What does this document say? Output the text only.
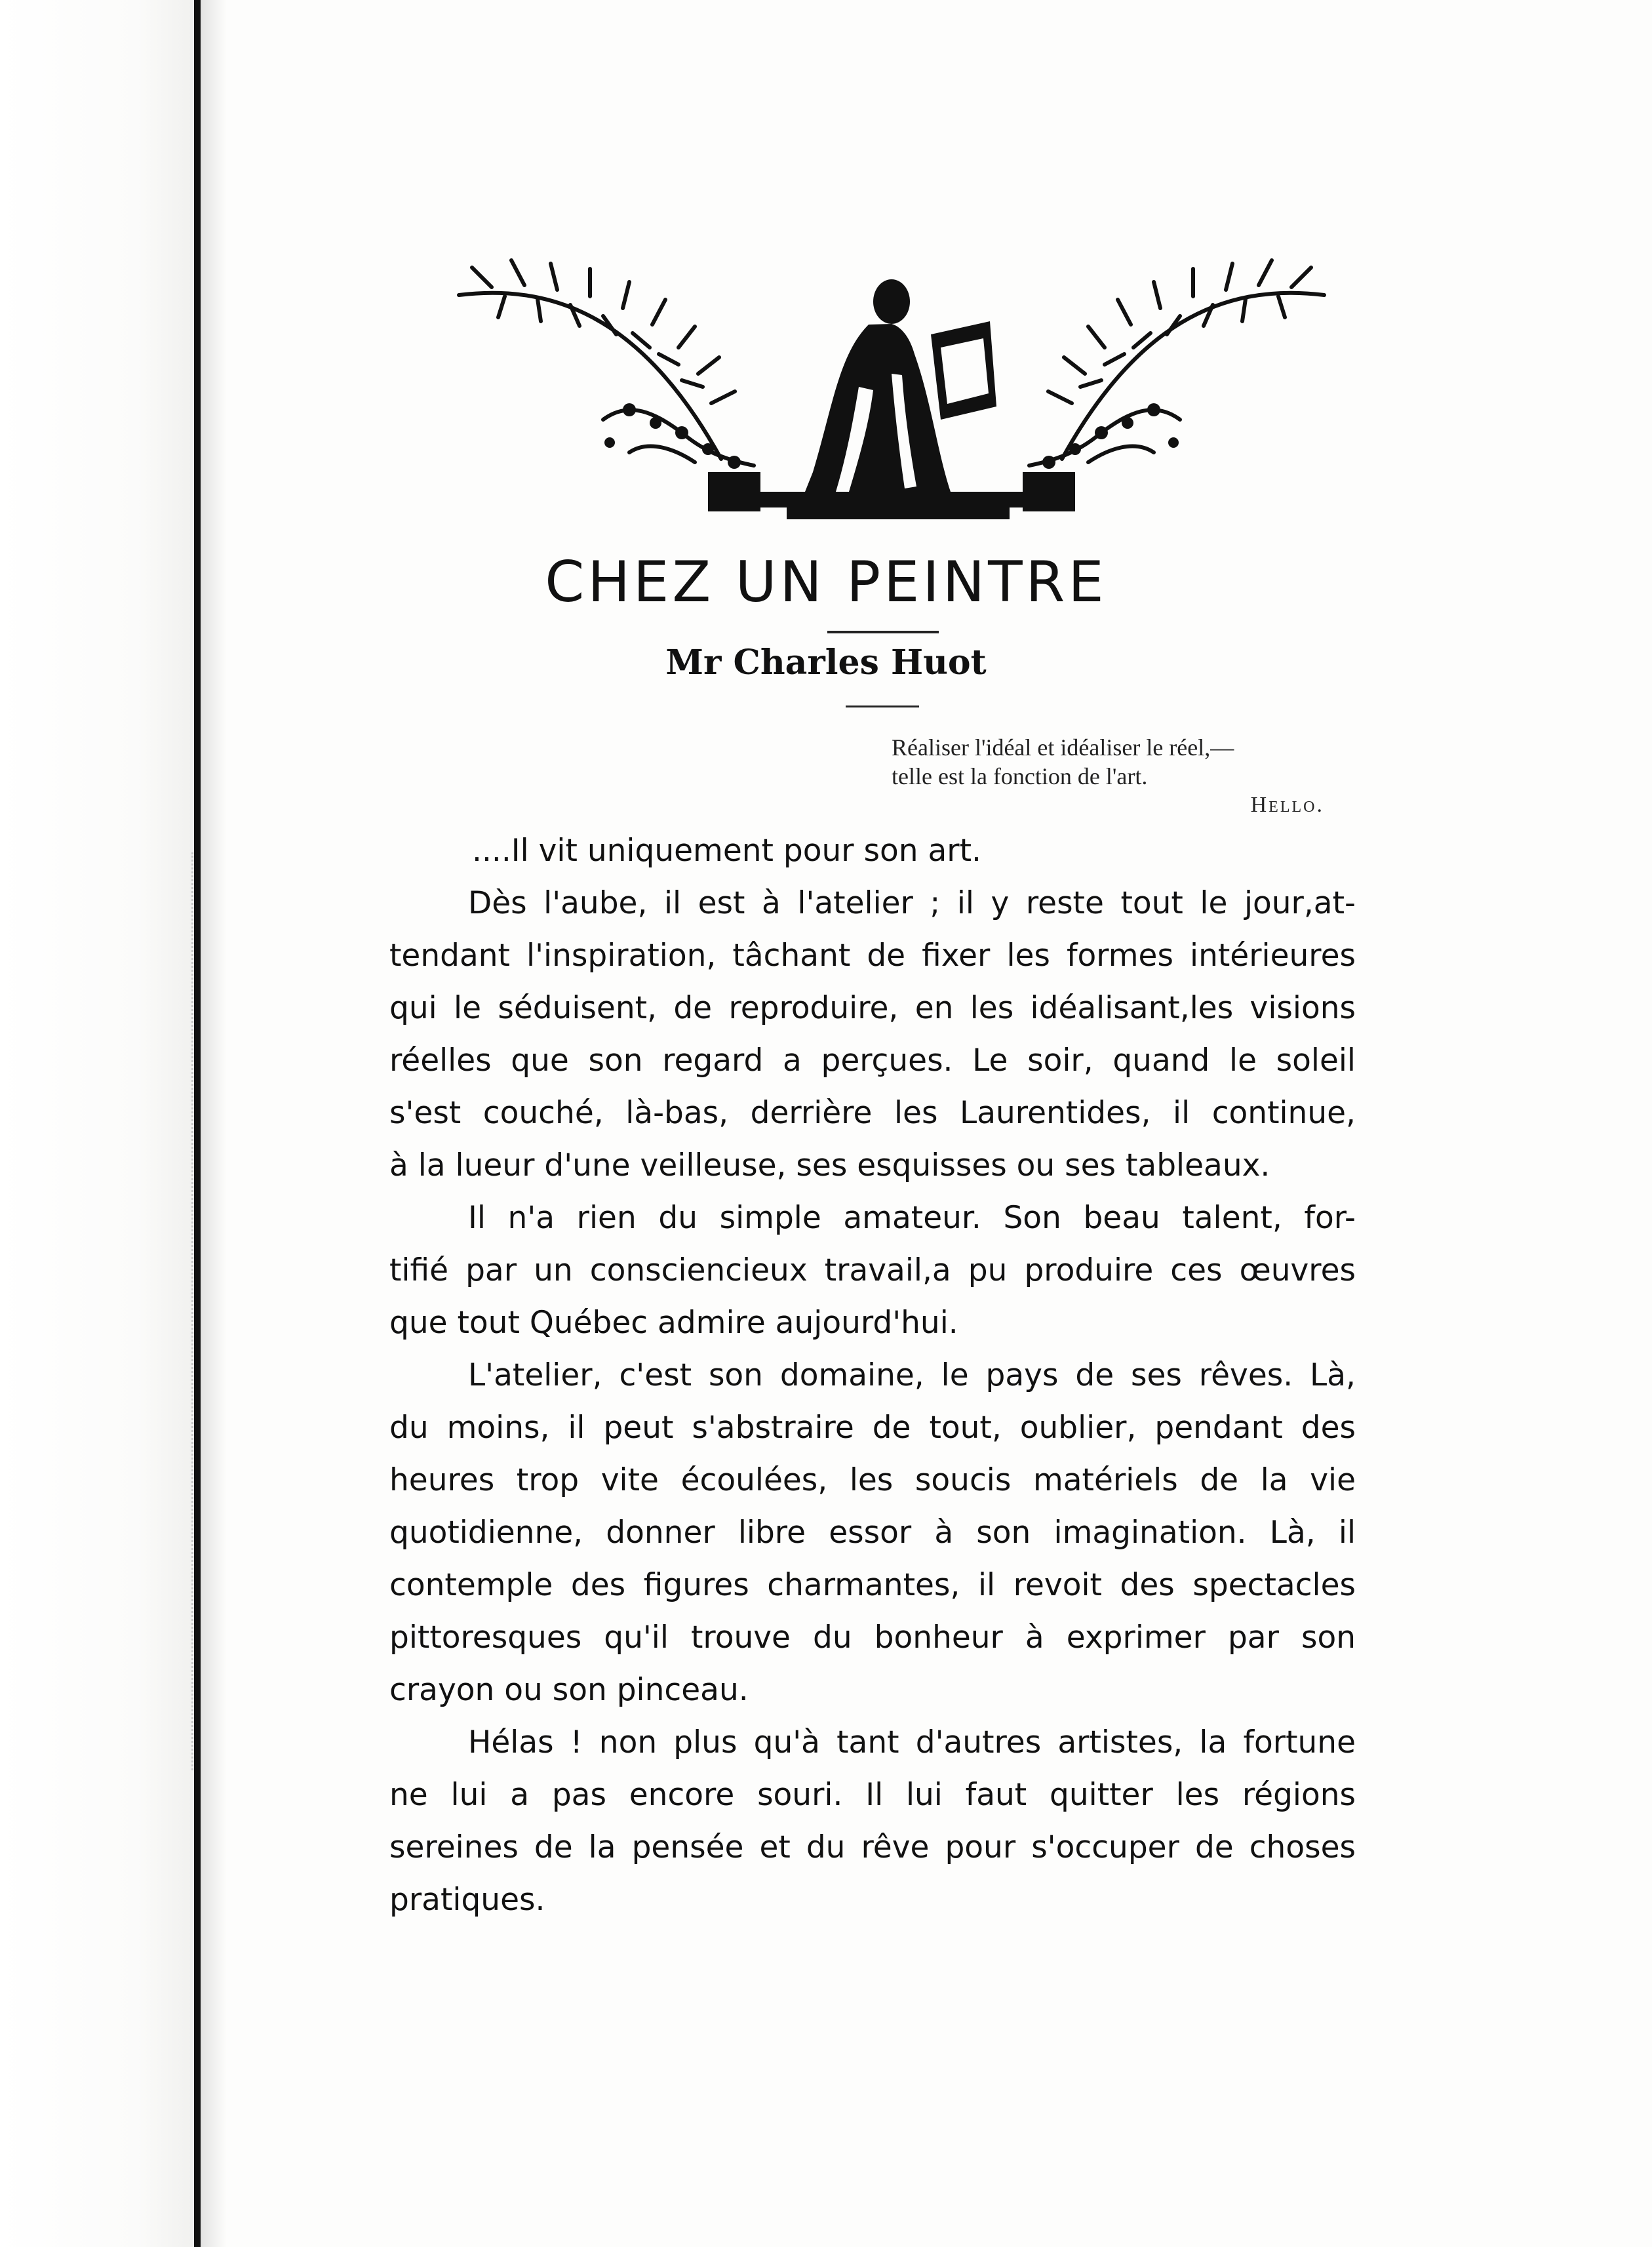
CHEZ UN PEINTRE
Mr Charles Huot
Réaliser l'idéal et idéaliser le réel,—
telle est la fonction de l'art.
Hello.
....Il vit uniquement pour son art.
Dès l'aube, il est à l'atelier ; il y reste tout le jour,at-
tendant l'inspiration, tâchant de fixer les formes intérieures
qui le séduisent, de reproduire, en les idéalisant,les visions
réelles que son regard a perçues. Le soir, quand le soleil
s'est couché, là-bas, derrière les Laurentides, il continue,
à la lueur d'une veilleuse, ses esquisses ou ses tableaux.
Il n'a rien du simple amateur. Son beau talent, for-
tifié par un consciencieux travail,a pu produire ces œuvres
que tout Québec admire aujourd'hui.
L'atelier, c'est son domaine, le pays de ses rêves. Là,
du moins, il peut s'abstraire de tout, oublier, pendant des
heures trop vite écoulées, les soucis matériels de la vie
quotidienne, donner libre essor à son imagination. Là, il
contemple des figures charmantes, il revoit des spectacles
pittoresques qu'il trouve du bonheur à exprimer par son
crayon ou son pinceau.
Hélas ! non plus qu'à tant d'autres artistes, la fortune
ne lui a pas encore souri. Il lui faut quitter les régions
sereines de la pensée et du rêve pour s'occuper de choses
pratiques.
